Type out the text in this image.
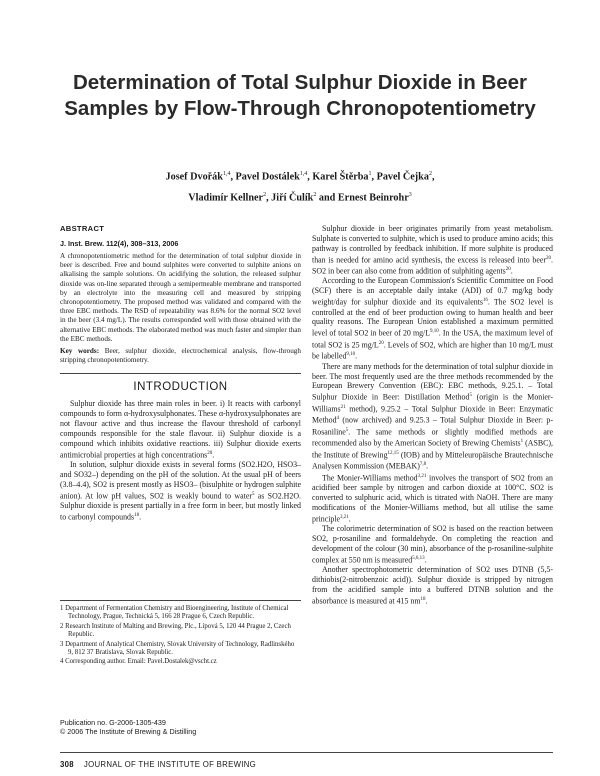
Determination of Total Sulphur Dioxide in Beer Samples by Flow-Through Chronopotentiometry
Josef Dvořák$^{1,4}$, Pavel Dostálek$^{1,4}$, Karel Štěrba$^1$, Pavel Čejka$^2$,
Vladimír Kellner$^2$, Jiří Čulík$^2$ and Ernest Beinrohr$^3$
ABSTRACT
J. Inst. Brew. 112(4), 308–313, 2006

A chronopotentiometric method for the determination of total sulphur dioxide in beer is described. Free and bound sulphites were converted to sulphite anions on alkalising the sample solutions. On acidifying the solution, the released sulphur dioxide was on-line separated through a semipermeable membrane and transported by an electrolyte into the measuring cell and measured by stripping chronopotentiometry. The proposed method was validated and compared with the three EBC methods. The RSD of repeatability was 8.6% for the normal SO2 level in the beer (3.4 mg/L). The results corresponded well with those obtained with the alternative EBC methods. The elaborated method was much faster and simpler than the EBC methods.

Key words: Beer, sulphur dioxide, electrochemical analysis, flow-through stripping chronopotentiometry.

INTRODUCTION

Sulphur dioxide has three main roles in beer. i) It reacts with carbonyl compounds to form α-hydroxysulphonates. These α-hydroxysulphonates are not flavour active and thus increase the flavour threshold of carbonyl compounds responsible for the stale flavour. ii) Sulphur dioxide is a compound which inhibits oxidative reactions. iii) Sulphur dioxide exerts antimicrobial properties at high concentrations$^{20}$.

In solution, sulphur dioxide exists in several forms (SO2.H2O, HSO3– and SO32–) depending on the pH of the solution. At the usual pH of beers (3.8–4.4), SO2 is present mostly as HSO3– (bisulphite or hydrogen sulphite anion). At low pH values, SO2 is weakly bound to water$^5$ as SO2.H2O. Sulphur dioxide is present partially in a free form in beer, but mostly linked to carbonyl compounds$^{18}$.

1 Department of Fermentation Chemistry and Bioengineering, Institute of Chemical Technology, Prague, Technická 5, 166 28 Prague 6, Czech Republic.
2 Research Institute of Malting and Brewing, Plc., Lípová 5, 120 44 Prague 2, Czech Republic.
3 Department of Analytical Chemistry, Slovak University of Technology, Radlinského 9, 812 37 Bratislava, Slovak Republic.
4 Corresponding author. Email: Pavel.Dostalek@vscht.cz
Publication no. G-2006-1305-439
© 2006 The Institute of Brewing & Distilling

Sulphur dioxide in beer originates primarily from yeast metabolism. Sulphate is converted to sulphite, which is used to produce amino acids; this pathway is controlled by feedback inhibition. If more sulphite is produced than is needed for amino acid synthesis, the excess is released into beer$^{20}$. SO2 in beer can also come from addition of sulphiting agents$^{20}$.

According to the European Commission's Scientific Committee on Food (SCF) there is an acceptable daily intake (ADI) of 0.7 mg/kg body weight/day for sulphur dioxide and its equivalents$^{16}$. The SO2 level is controlled at the end of beer production owing to human health and beer quality reasons. The European Union established a maximum permitted level of total SO2 in beer of 20 $mg/L^{9,10}$. In the USA, the maximum level of total SO2 is 25 $mg/L^{20}$. Levels of SO2, which are higher than 10 mg/L must be labelled$^{9,10}$.

There are many methods for the determination of total sulphur dioxide in beer. The most frequently used are the three methods recommended by the European Brewery Convention (EBC): EBC methods, 9.25.1. – Total Sulphur Dioxide in Beer: Distillation Method$^5$ (origin is the Monier-Williams$^{21}$ method), 9.25.2 – Total Sulphur Dioxide in Beer: Enzymatic Method$^4$ (now archived) and 9.25.3 – Total Sulphur Dioxide in Beer: p-Rosaniline$^5$. The same methods or slightly modified methods are recommended also by the American Society of Brewing Chemists$^1$ (ASBC), the Institute of Brewing$^{12,15}$ (IOB) and by Mitteleuropäische Brautechnische Analysen Kommission (MEBAK)$^{7,8}$.

The Monier-Williams method$^{3,21}$ involves the transport of SO2 from an acidified beer sample by nitrogen and carbon dioxide at 100°C. SO2 is converted to sulphuric acid, which is titrated with NaOH. There are many modifications of the Monier-Williams method, but all utilise the same principle$^{3,21}$.

The colorimetric determination of SO2 is based on the reaction between SO2, p-rosaniline and formaldehyde. On completing the reaction and development of the colour (30 min), absorbance of the p-rosaniline-sulphite complex at 550 nm is measured$^{5,6,13}$.

Another spectrophotometric determination of SO2 uses DTNB (5,5-dithiobis(2-nitrobenzoic acid)). Sulphur dioxide is stripped by nitrogen from the acidified sample into a buffered DTNB solution and the absorbance is measured at 415 $nm^{18}$.

308 JOURNAL OF THE INSTITUTE OF BREWING
